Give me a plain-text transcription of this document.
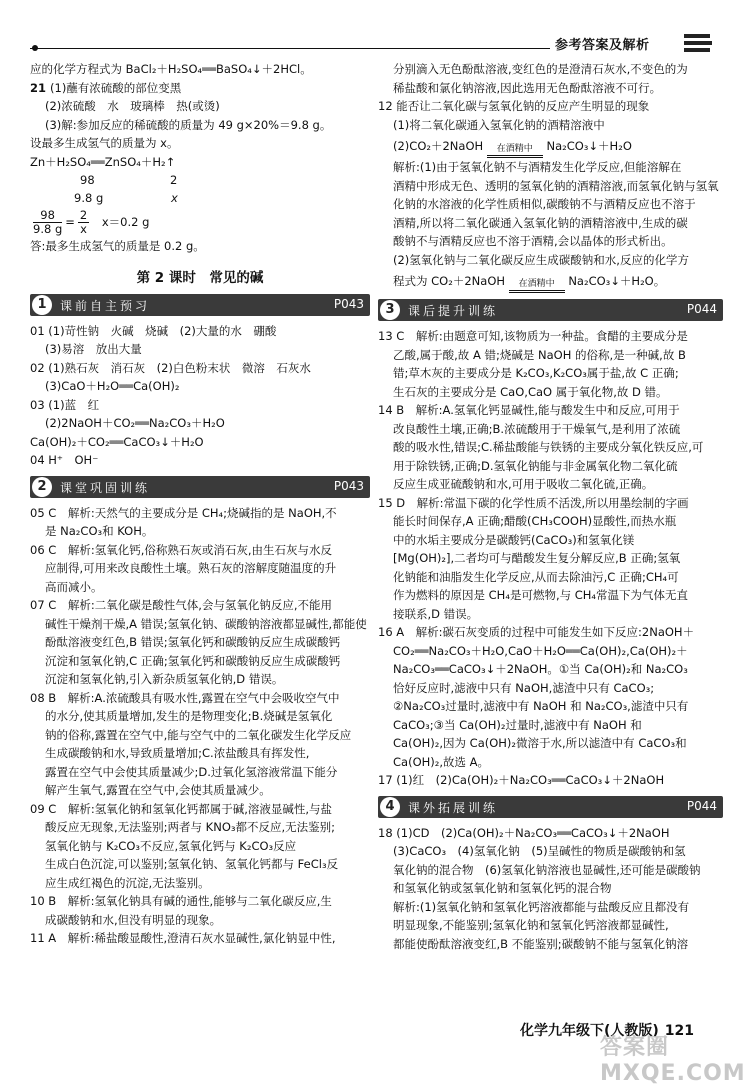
参考答案及解析
应的化学方程式为 BaCl₂＋H₂SO₄══BaSO₄↓＋2HCl。
21 (1)蘸有浓硫酸的部位变黑
(2)浓硫酸　水　玻璃棒　热(或烫)
(3)解:参加反应的稀硫酸的质量为 49 g×20%＝9.8 g。
设最多生成氢气的质量为 x。
Zn＋H₂SO₄══ZnSO₄＋H₂↑
98	2
9.8 g	x
$\frac{98}{9.8 g} = \frac{2}{x} x=0.2$ g
答:最多生成氢气的质量是 0.2 g。
第 2 课时　常见的碱
1	课前自主预习	P043
01 (1)苛性钠　火碱　烧碱　(2)大量的水　硼酸
(3)易溶　放出大量
02 (1)熟石灰　消石灰　(2)白色粉末状　微溶　石灰水
(3)CaO＋H₂O══Ca(OH)₂
03 (1)蓝　红
(2)2NaOH＋CO₂══Na₂CO₃＋H₂O
Ca(OH)₂＋CO₂══CaCO₃↓＋H₂O
04 H⁺　OH⁻
2	课堂巩固训练	P043
05 C　解析:天然气的主要成分是 CH₄;烧碱指的是 NaOH,不
是 Na₂CO₃和 KOH。
06 C　解析:氢氧化钙,俗称熟石灰或消石灰,由生石灰与水反
应制得,可用来改良酸性土壤。熟石灰的溶解度随温度的升
高而减小。
07 C　解析:二氧化碳是酸性气体,会与氢氧化钠反应,不能用
碱性干燥剂干燥,A 错误;氢氧化钠、碳酸钠溶液都显碱性,都能使
酚酞溶液变红色,B 错误;氢氧化钙和碳酸钠反应生成碳酸钙
沉淀和氢氧化钠,C 正确;氢氧化钙和碳酸钠反应生成碳酸钙
沉淀和氢氧化钠,引入新杂质氢氧化钠,D 错误。
08 B　解析:A.浓硫酸具有吸水性,露置在空气中会吸收空气中
的水分,使其质量增加,发生的是物理变化;B.烧碱是氢氧化
钠的俗称,露置在空气中,能与空气中的二氧化碳发生化学反应
生成碳酸钠和水,导致质量增加;C.浓盐酸具有挥发性,
露置在空气中会使其质量减少;D.过氧化氢溶液常温下能分
解产生氧气,露置在空气中,会使其质量减少。
09 C　解析:氢氧化钠和氢氧化钙都属于碱,溶液显碱性,与盐
酸反应无现象,无法鉴别;两者与 KNO₃都不反应,无法鉴别;
氢氧化钠与 K₂CO₃不反应,氢氧化钙与 K₂CO₃反应
生成白色沉淀,可以鉴别;氢氧化钠、氢氧化钙都与 FeCl₃反
应生成红褐色的沉淀,无法鉴别。
10 B　解析:氢氧化钠具有碱的通性,能够与二氧化碳反应,生
成碳酸钠和水,但没有明显的现象。
11 A　解析:稀盐酸显酸性,澄清石灰水显碱性,氯化钠显中性,
分别滴入无色酚酞溶液,变红色的是澄清石灰水,不变色的为
稀盐酸和氯化钠溶液,因此选用无色酚酞溶液不可行。
12 能否让二氧化碳与氢氧化钠的反应产生明显的现象
(1)将二氧化碳通入氢氧化钠的酒精溶液中
(2)CO₂＋2NaOH 在酒精中 Na₂CO₃↓＋H₂O
解析:(1)由于氢氧化钠不与酒精发生化学反应,但能溶解在
酒精中形成无色、透明的氢氧化钠的酒精溶液,而氢氧化钠与氢氧
化钠的水溶液的化学性质相似,碳酸钠不与酒精反应也不溶于
酒精,所以将二氧化碳通入氢氧化钠的酒精溶液中,生成的碳
酸钠不与酒精反应也不溶于酒精,会以晶体的形式析出。
(2)氢氧化钠与二氧化碳反应生成碳酸钠和水,反应的化学方
程式为 CO₂＋2NaOH 在酒精中 Na₂CO₃↓＋H₂O。
3	课后提升训练	P044
13 C　解析:由题意可知,该物质为一种盐。食醋的主要成分是
乙酸,属于酸,故 A 错;烧碱是 NaOH 的俗称,是一种碱,故 B
错;草木灰的主要成分是 K₂CO₃,K₂CO₃属于盐,故 C 正确;
生石灰的主要成分是 CaO,CaO 属于氧化物,故 D 错。
14 B　解析:A.氢氧化钙显碱性,能与酸发生中和反应,可用于
改良酸性土壤,正确;B.浓硫酸用于干燥氧气,是利用了浓硫
酸的吸水性,错误;C.稀盐酸能与铁锈的主要成分氧化铁反应,可
用于除铁锈,正确;D.氢氧化钠能与非金属氧化物二氧化硫
反应生成亚硫酸钠和水,可用于吸收二氧化硫,正确。
15 D　解析:常温下碳的化学性质不活泼,所以用墨绘制的字画
能长时间保存,A 正确;醋酸(CH₃COOH)显酸性,而热水瓶
中的水垢主要成分是碳酸钙(CaCO₃)和氢氧化镁
[Mg(OH)₂],二者均可与醋酸发生复分解反应,B 正确;氢氧
化钠能和油脂发生化学反应,从而去除油污,C 正确;CH₄可
作为燃料的原因是 CH₄是可燃物,与 CH₄常温下为气体无直
接联系,D 错误。
16 A　解析:碳石灰变质的过程中可能发生如下反应:2NaOH＋
CO₂══Na₂CO₃＋H₂O,CaO＋H₂O══Ca(OH)₂,Ca(OH)₂＋
Na₂CO₃══CaCO₃↓＋2NaOH。①当 Ca(OH)₂和 Na₂CO₃
恰好反应时,滤液中只有 NaOH,滤渣中只有 CaCO₃;
②Na₂CO₃过量时,滤液中有 NaOH 和 Na₂CO₃,滤渣中只有
CaCO₃;③当 Ca(OH)₂过量时,滤液中有 NaOH 和
Ca(OH)₂,因为 Ca(OH)₂微溶于水,所以滤渣中有 CaCO₃和
Ca(OH)₂,故选 A。
17 (1)红　(2)Ca(OH)₂＋Na₂CO₃══CaCO₃↓＋2NaOH
4	课外拓展训练	P044
18 (1)CD　(2)Ca(OH)₂＋Na₂CO₃══CaCO₃↓＋2NaOH
(3)CaCO₃　(4)氢氧化钠　(5)呈碱性的物质是碳酸钠和氢
氧化钠的混合物　(6)氢氧化钠溶液也显碱性,还可能是碳酸钠
和氢氧化钠或氢氧化钠和氢氧化钙的混合物
解析:(1)氢氧化钠和氢氧化钙溶液都能与盐酸反应且都没有
明显现象,不能鉴别;氢氧化钠和氢氧化钙溶液都显碱性,
都能使酚酞溶液变红,B 不能鉴别;碳酸钠不能与氢氧化钠溶
化学九年级下(人教版) 121
答案圈 MXQE.COM
